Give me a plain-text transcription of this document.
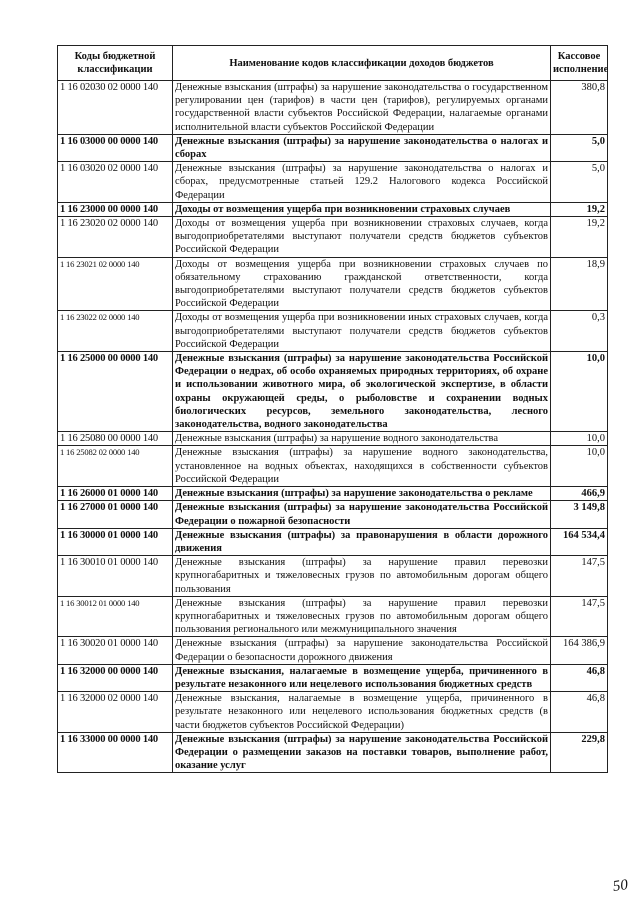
Коды бюджетной классификации	Наименование кодов классификации доходов бюджетов	Кассовое исполнение
1 16 02030 02 0000 140	Денежные взыскания (штрафы) за нарушение законодательства о государственном регулировании цен (тарифов) в части цен (тарифов), регулируемых органами государственной власти субъектов Российской Федерации, налагаемые органами исполнительной власти субъектов Российской Федерации	380,8
1 16 03000 00 0000 140	Денежные взыскания (штрафы) за нарушение законодательства о налогах и сборах	5,0
1 16 03020 02 0000 140	Денежные взыскания (штрафы) за нарушение законодательства о налогах и сборах, предусмотренные статьей 129.2 Налогового кодекса Российской Федерации	5,0
1 16 23000 00 0000 140	Доходы от возмещения ущерба при возникновении страховых случаев	19,2
1 16 23020 02 0000 140	Доходы от возмещения ущерба при возникновении страховых случаев, когда выгодоприобретателями выступают получатели средств бюджетов субъектов Российской Федерации	19,2
1 16 23021 02 0000 140	Доходы от возмещения ущерба при возникновении страховых случаев по обязательному страхованию гражданской ответственности, когда выгодоприобретателями выступают получатели средств бюджетов субъектов Российской Федерации	18,9
1 16 23022 02 0000 140	Доходы от возмещения ущерба при возникновении иных страховых случаев, когда выгодоприобретателями выступают получатели средств бюджетов субъектов Российской Федерации	0,3
1 16 25000 00 0000 140	Денежные взыскания (штрафы) за нарушение законодательства Российской Федерации о недрах, об особо охраняемых природных территориях, об охране и использовании животного мира, об экологической экспертизе, в области охраны окружающей среды, о рыболовстве и сохранении водных биологических ресурсов, земельного законодательства, лесного законодательства, водного законодательства	10,0
1 16 25080 00 0000 140	Денежные взыскания (штрафы) за нарушение водного законодательства	10,0
1 16 25082 02 0000 140	Денежные взыскания (штрафы) за нарушение водного законодательства, установленное на водных объектах, находящихся в собственности субъектов Российской Федерации	10,0
1 16 26000 01 0000 140	Денежные взыскания (штрафы) за нарушение законодательства о рекламе	466,9
1 16 27000 01 0000 140	Денежные взыскания (штрафы) за нарушение законодательства Российской Федерации о пожарной безопасности	3 149,8
1 16 30000 01 0000 140	Денежные взыскания (штрафы) за правонарушения в области дорожного движения	164 534,4
1 16 30010 01 0000 140	Денежные взыскания (штрафы) за нарушение правил перевозки крупногабаритных и тяжеловесных грузов по автомобильным дорогам общего пользования	147,5
1 16 30012 01 0000 140	Денежные взыскания (штрафы) за нарушение правил перевозки крупногабаритных и тяжеловесных грузов по автомобильным дорогам общего пользования регионального или межмуниципального значения	147,5
1 16 30020 01 0000 140	Денежные взыскания (штрафы) за нарушение законодательства Российской Федерации о безопасности дорожного движения	164 386,9
1 16 32000 00 0000 140	Денежные взыскания, налагаемые в возмещение ущерба, причиненного в результате незаконного или нецелевого использования бюджетных средств	46,8
1 16 32000 02 0000 140	Денежные взыскания, налагаемые в возмещение ущерба, причиненного в результате незаконного или нецелевого использования бюджетных средств (в части бюджетов субъектов Российской Федерации)	46,8
1 16 33000 00 0000 140	Денежные взыскания (штрафы) за нарушение законодательства Российской Федерации о размещении заказов на поставки товаров, выполнение работ, оказание услуг	229,8
50
